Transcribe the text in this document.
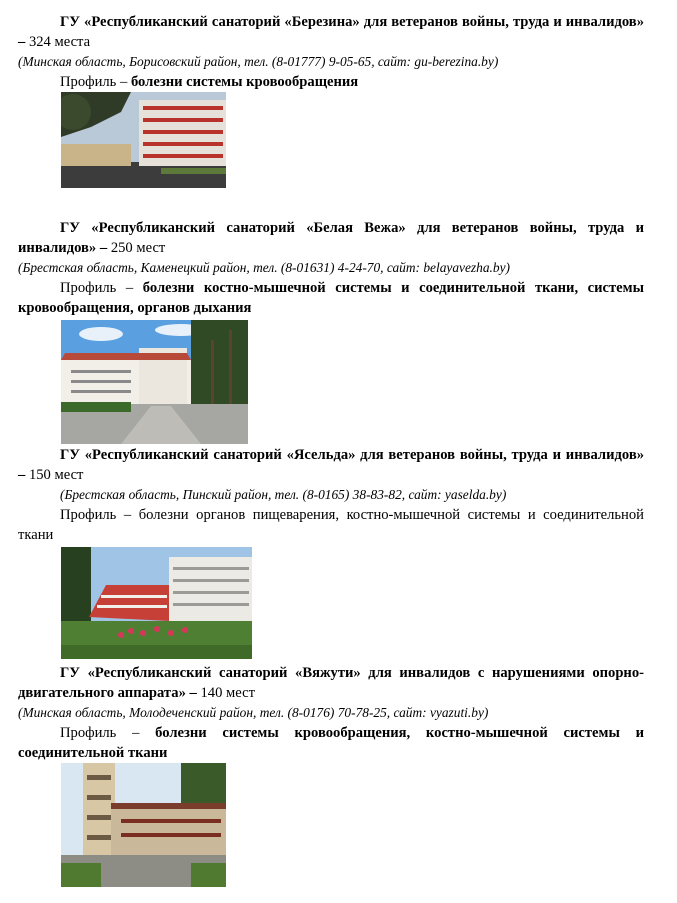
ГУ «Республиканский санаторий «Березина» для ветеранов войны, труда и инвалидов» – 324 места

(Минская область, Борисовский район, тел. (8-01777) 9-05-65, сайт: gu-berezina.by)

Профиль – болезни системы кровообращения

ГУ «Республиканский санаторий «Белая Вежа» для ветеранов войны, труда и инвалидов» – 250 мест

(Брестская область, Каменецкий район, тел. (8-01631) 4-24-70, сайт: belayavezha.by)

Профиль – болезни костно-мышечной системы и соединительной ткани, системы кровообращения, органов дыхания

ГУ «Республиканский санаторий «Ясельда» для ветеранов войны, труда и инвалидов» – 150 мест

(Брестская область, Пинский район, тел. (8-0165) 38-83-82, сайт: yaselda.by)

Профиль – болезни органов пищеварения, костно-мышечной системы и соединительной ткани

ГУ «Республиканский санаторий «Вяжути» для инвалидов с нарушениями опорно-двигательного аппарата» – 140 мест

(Минская область, Молодеченский район, тел. (8-0176) 70-78-25, сайт: vyazuti.by)

Профиль – болезни системы кровообращения, костно-мышечной системы и соединительной ткани
